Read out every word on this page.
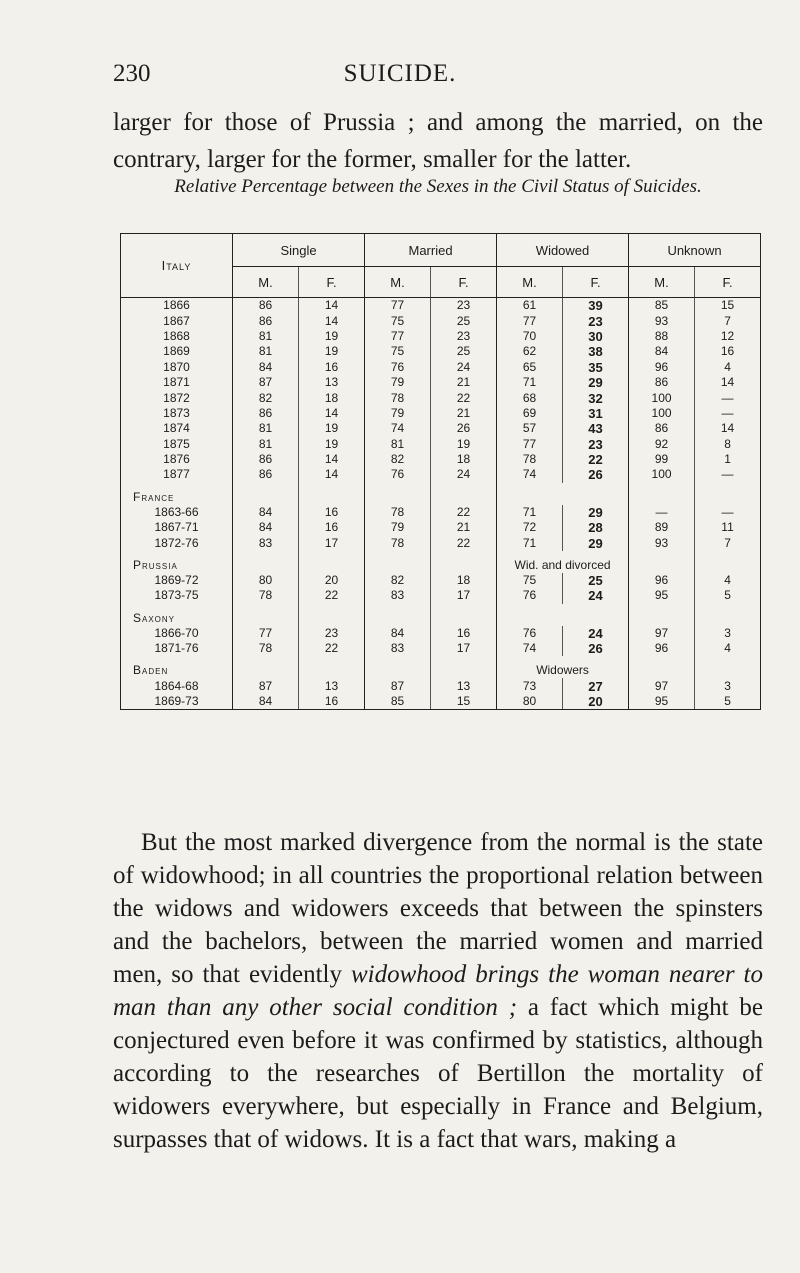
230	SUICIDE.
larger for those of Prussia ; and among the married, on the contrary, larger for the former, smaller for the latter.
Relative Percentage between the Sexes in the Civil Status of Suicides.
Italy	Single		Married		Widowed		Unknown	
	M.	F.	M.	F.	M.	F.	M.	F.
1866	86	14	77	23	61	39	85	15
1867	86	14	75	25	77	23	93	7
1868	81	19	77	23	70	30	88	12
1869	81	19	75	25	62	38	84	16
1870	84	16	76	24	65	35	96	4
1871	87	13	79	21	71	29	86	14
1872	82	18	78	22	68	32	100	—
1873	86	14	79	21	69	31	100	—
1874	81	19	74	26	57	43	86	14
1875	81	19	81	19	77	23	92	8
1876	86	14	82	18	78	22	99	1
1877	86	14	76	24	74	26	100	—
France								
1863-66	84	16	78	22	71	29	—	—
1867-71	84	16	79	21	72	28	89	11
1872-76	83	17	78	22	71	29	93	7
Prussia					Wid. and divorced			
1869-72	80	20	82	18	75	25	96	4
1873-75	78	22	83	17	76	24	95	5
Saxony								
1866-70	77	23	84	16	76	24	97	3
1871-76	78	22	83	17	74	26	96	4
Baden					Widowers			
1864-68	87	13	87	13	73	27	97	3
1869-73	84	16	85	15	80	20	95	5

But the most marked divergence from the normal is the state of widowhood; in all countries the proportional relation between the widows and widowers exceeds that between the spinsters and the bachelors, between the married women and married men, so that evidently widowhood brings the woman nearer to man than any other social condition ; a fact which might be conjectured even before it was confirmed by statistics, although according to the researches of Bertillon the mortality of widowers everywhere, but especially in France and Belgium, surpasses that of widows. It is a fact that wars, making a
